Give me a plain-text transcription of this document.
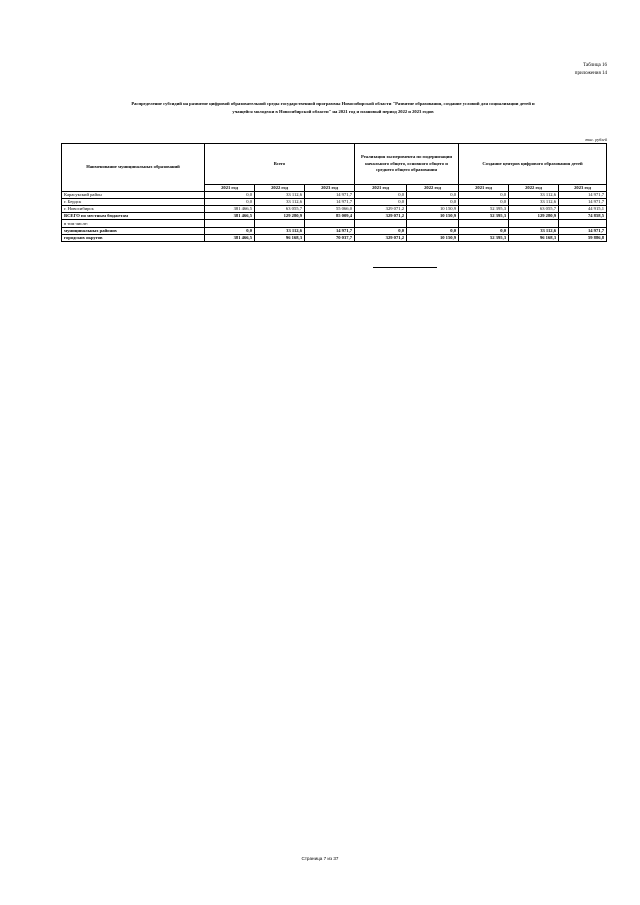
Таблица 16
приложения 14
Распределение субсидий на развитие цифровой образовательной среды государственной программы Новосибирской области "Развитие образования, создание условий для социализации детей и
учащейся молодежи в Новосибирской области" на 2021 год и плановый период 2022 и 2023 годов
тыс. рублей
Наименование муниципальных образований	Всего			Реализация эксперимента по модернизации начального общего, основного общего и среднего общего образования		Создание центров цифрового образования детей		
	2021 год	2022 год	2023 год	2021 год	2022 год	2021 год	2022 год	2023 год
Карасукский район	0,0	33 112,6	14 971,7	0,0	0,0	0,0	33 112,6	14 971,7
г. Бердск	0,0	33 112,6	14 971,7	0,0	0,0	0,0	33 112,6	14 971,7
г. Новосибирск	381 466,5	63 055,7	55 066,0	329 071,2	10 150,9	52 395,3	63 055,7	44 915,1
ВСЕГО по местным бюджетам	381 466,5	129 280,9	85 009,4	329 071,2	10 150,9	52 395,3	129 280,9	74 858,5
в том числе:								
муниципальных районов	0,0	33 112,6	14 971,7	0,0	0,0	0,0	33 112,6	14 971,7
городских округов	381 466,5	96 168,3	70 037,7	329 071,2	10 150,9	52 395,3	96 168,3	59 886,8
Страница 7 из 37
